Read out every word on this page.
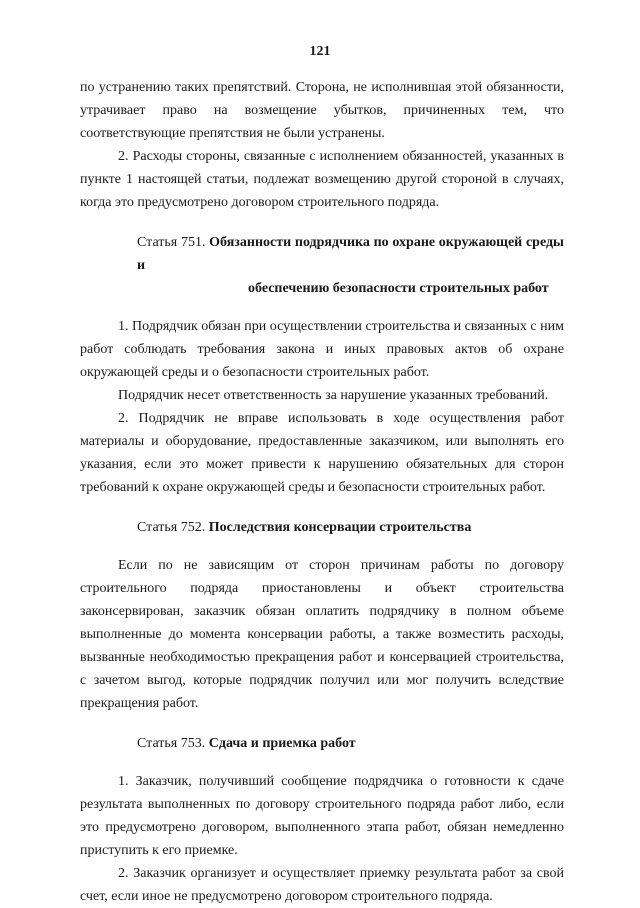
121

по устранению таких препятствий. Сторона, не исполнившая этой обязанности, утрачивает право на возмещение убытков, причиненных тем, что соответствующие препятствия не были устранены.

2. Расходы стороны, связанные с исполнением обязанностей, указанных в пункте 1 настоящей статьи, подлежат возмещению другой стороной в случаях, когда это предусмотрено договором строительного подряда.

Статья 751. Обязанности подрядчика по охране окружающей среды и
обеспечению безопасности строительных работ

1. Подрядчик обязан при осуществлении строительства и связанных с ним работ соблюдать требования закона и иных правовых актов об охране окружающей среды и о безопасности строительных работ.

Подрядчик несет ответственность за нарушение указанных требований.

2. Подрядчик не вправе использовать в ходе осуществления работ материалы и оборудование, предоставленные заказчиком, или выполнять его указания, если это может привести к нарушению обязательных для сторон требований к охране окружающей среды и безопасности строительных работ.

Статья 752. Последствия консервации строительства

Если по не зависящим от сторон причинам работы по договору строительного подряда приостановлены и объект строительства законсервирован, заказчик обязан оплатить подрядчику в полном объеме выполненные до момента консервации работы, а также возместить расходы, вызванные необходимостью прекращения работ и консервацией строительства, с зачетом выгод, которые подрядчик получил или мог получить вследствие прекращения работ.

Статья 753. Сдача и приемка работ

1. Заказчик, получивший сообщение подрядчика о готовности к сдаче результата выполненных по договору строительного подряда работ либо, если это предусмотрено договором, выполненного этапа работ, обязан немедленно приступить к его приемке.

2. Заказчик организует и осуществляет приемку результата работ за свой счет, если иное не предусмотрено договором строительного подряда.
